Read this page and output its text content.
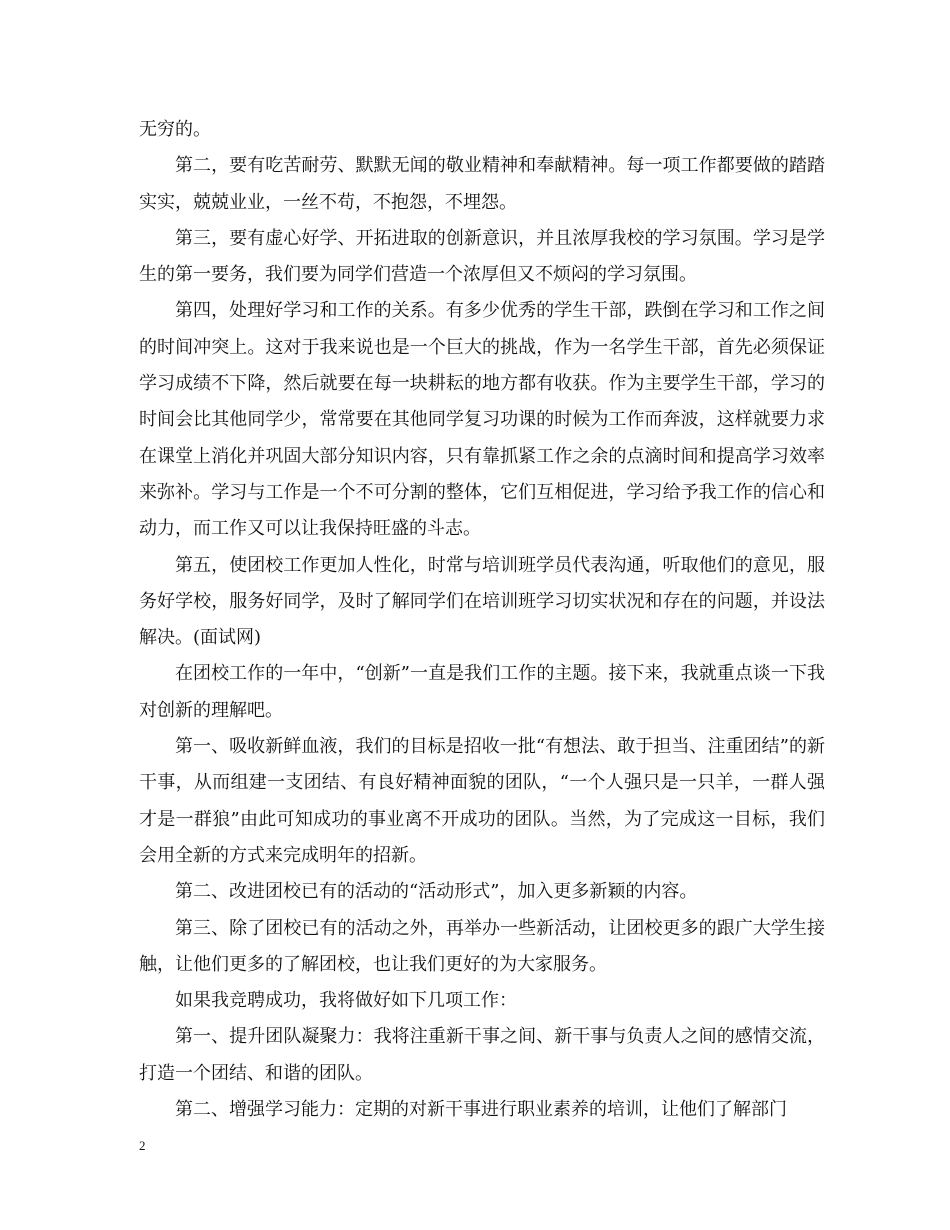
无穷的。

第二，要有吃苦耐劳、默默无闻的敬业精神和奉献精神。每一项工作都要做的踏踏实实，兢兢业业，一丝不苟，不抱怨，不埋怨。

第三，要有虚心好学、开拓进取的创新意识，并且浓厚我校的学习氛围。学习是学生的第一要务，我们要为同学们营造一个浓厚但又不烦闷的学习氛围。

第四，处理好学习和工作的关系。有多少优秀的学生干部，跌倒在学习和工作之间的时间冲突上。这对于我来说也是一个巨大的挑战，作为一名学生干部，首先必须保证学习成绩不下降，然后就要在每一块耕耘的地方都有收获。作为主要学生干部，学习的时间会比其他同学少，常常要在其他同学复习功课的时候为工作而奔波，这样就要力求在课堂上消化并巩固大部分知识内容，只有靠抓紧工作之余的点滴时间和提高学习效率来弥补。学习与工作是一个不可分割的整体，它们互相促进，学习给予我工作的信心和动力，而工作又可以让我保持旺盛的斗志。

第五，使团校工作更加人性化，时常与培训班学员代表沟通，听取他们的意见，服务好学校，服务好同学，及时了解同学们在培训班学习切实状况和存在的问题，并设法解决。(面试网)

在团校工作的一年中，“创新”一直是我们工作的主题。接下来，我就重点谈一下我对创新的理解吧。

第一、吸收新鲜血液，我们的目标是招收一批“有想法、敢于担当、注重团结”的新干事，从而组建一支团结、有良好精神面貌的团队，“一个人强只是一只羊，一群人强才是一群狼”由此可知成功的事业离不开成功的团队。当然，为了完成这一目标，我们会用全新的方式来完成明年的招新。

第二、改进团校已有的活动的“活动形式”，加入更多新颖的内容。

第三、除了团校已有的活动之外，再举办一些新活动，让团校更多的跟广大学生接触，让他们更多的了解团校，也让我们更好的为大家服务。

如果我竞聘成功，我将做好如下几项工作：

第一、提升团队凝聚力：我将注重新干事之间、新干事与负责人之间的感情交流，打造一个团结、和谐的团队。

第二、增强学习能力：定期的对新干事进行职业素养的培训，让他们了解部门

2
